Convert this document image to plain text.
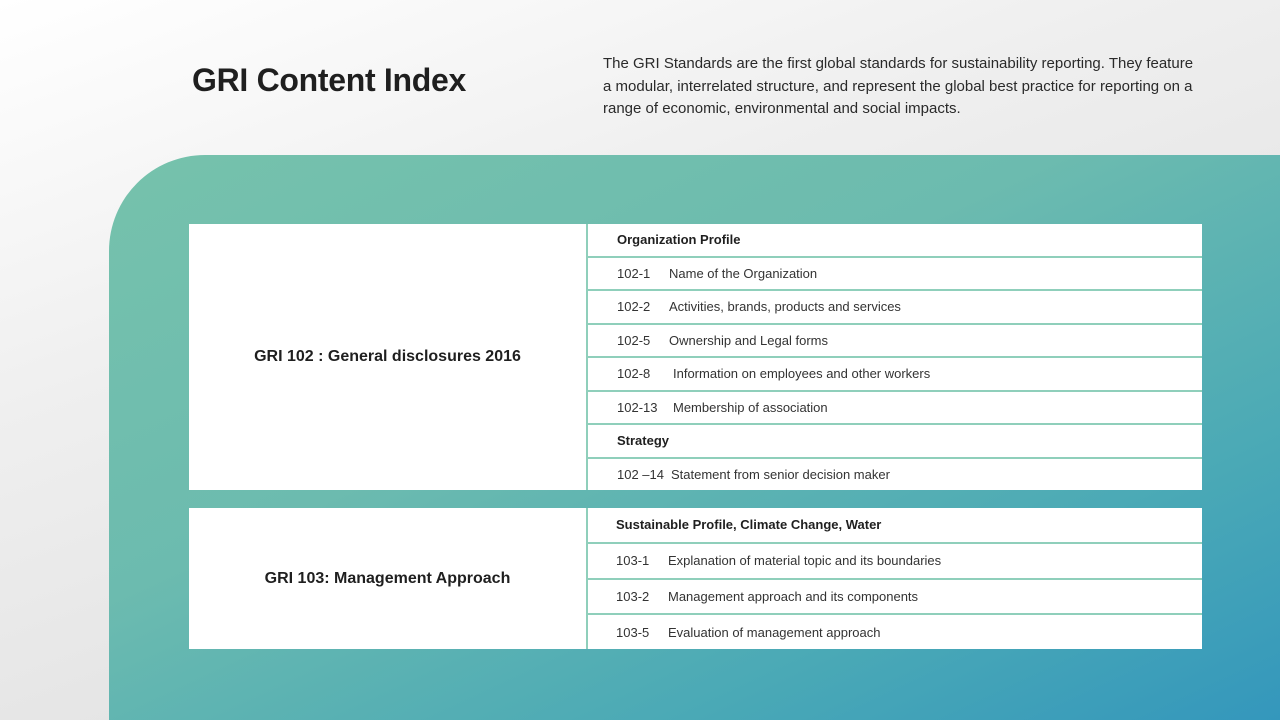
GRI Content Index	The GRI Standards are the first global standards for sustainability reporting. They feature a modular, interrelated structure, and represent the global best practice for reporting on a range of economic, environmental and social impacts.

GRI 102 : General disclosures 2016
Organization Profile
102-1	Name of the Organization
102-2	Activities, brands, products and services
102-5	Ownership and Legal forms
102-8	Information on employees and other workers
102-13	Membership of association
Strategy
102 –14 Statement from senior decision maker
GRI 103: Management Approach
Sustainable Profile, Climate Change, Water
103-1	Explanation of material topic and its boundaries
103-2	Management approach and its components
103-5	Evaluation of management approach
